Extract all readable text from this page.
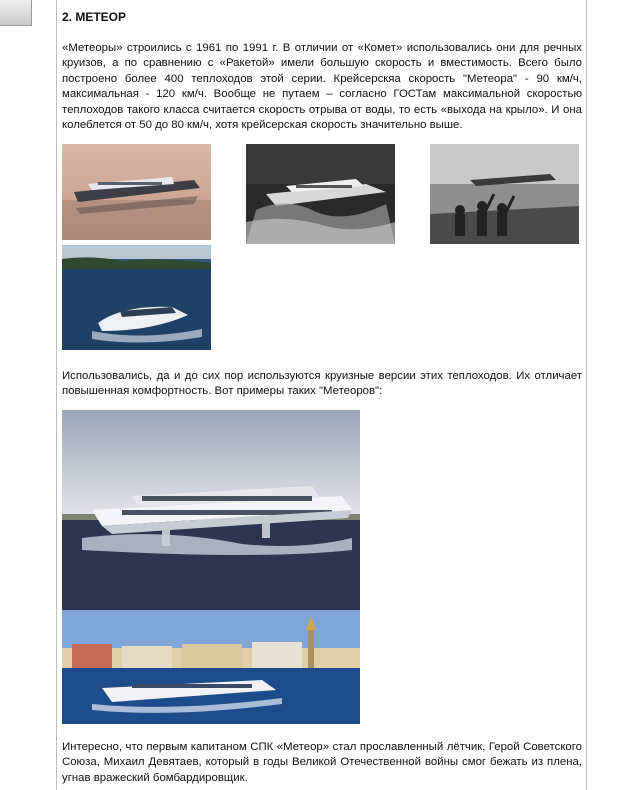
2. МЕТЕОР
«Метеоры» строились с 1961 по 1991 г. В отличии от «Комет» использовались они для речных круизов, а по сравнению с «Ракетой» имели большую скорость и вместимость. Всего было построено более 400 теплоходов этой серии. Крейсерскяа скорость "Метеора" - 90 км/ч, максимальная - 120 км/ч. Вообще не путаем – согласно ГОСТам максимальной скоростью теплоходов такого класса считается скорость отрыва от воды, то есть «выхода на крыло». И она колеблется от 50 до 80 км/ч, хотя крейсерская скорость значительно выше.
Использовались, да и до сих пор используются круизные версии этих теплоходов. Их отличает повышенная комфортность. Вот примеры таких "Метеоров":
Интересно, что первым капитаном СПК «Метеор» стал прославленный лётчик, Герой Советского Союза, Михаил Девятаев, который в годы Великой Отечественной войны смог бежать из плена, угнав вражеский бомбардировщик.
